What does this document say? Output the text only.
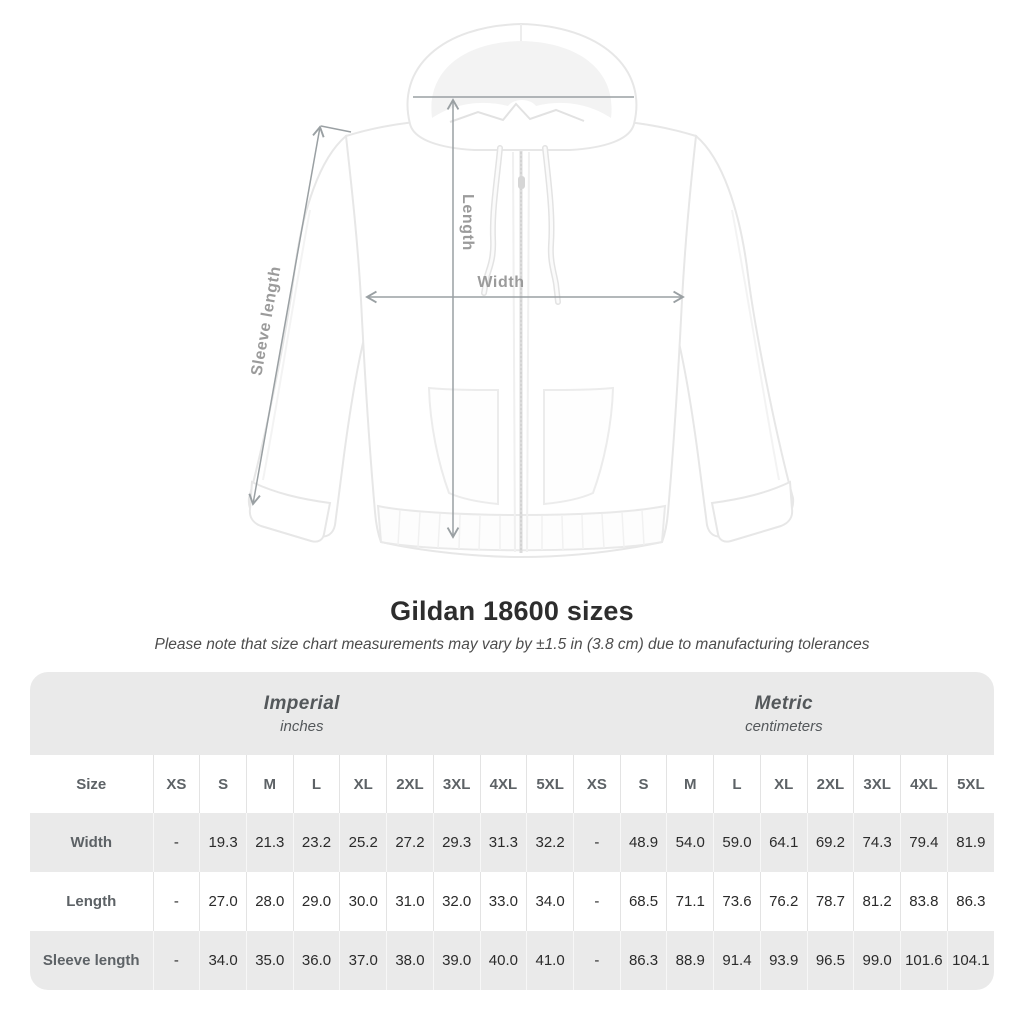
Length
Width
Sleeve length
Gildan 18600 sizes
Please note that size chart measurements may vary by ±1.5 in (3.8 cm) due to manufacturing tolerances
Imperial
inches
Metric
centimeters
Size	XS	S	M	L	XL	2XL	3XL	4XL	5XL	XS	S	M	L	XL	2XL	3XL	4XL	5XL
Width	-	19.3	21.3	23.2	25.2	27.2	29.3	31.3	32.2	-	48.9	54.0	59.0	64.1	69.2	74.3	79.4	81.9
Length	-	27.0	28.0	29.0	30.0	31.0	32.0	33.0	34.0	-	68.5	71.1	73.6	76.2	78.7	81.2	83.8	86.3
Sleeve length	-	34.0	35.0	36.0	37.0	38.0	39.0	40.0	41.0	-	86.3	88.9	91.4	93.9	96.5	99.0	101.6	104.1
